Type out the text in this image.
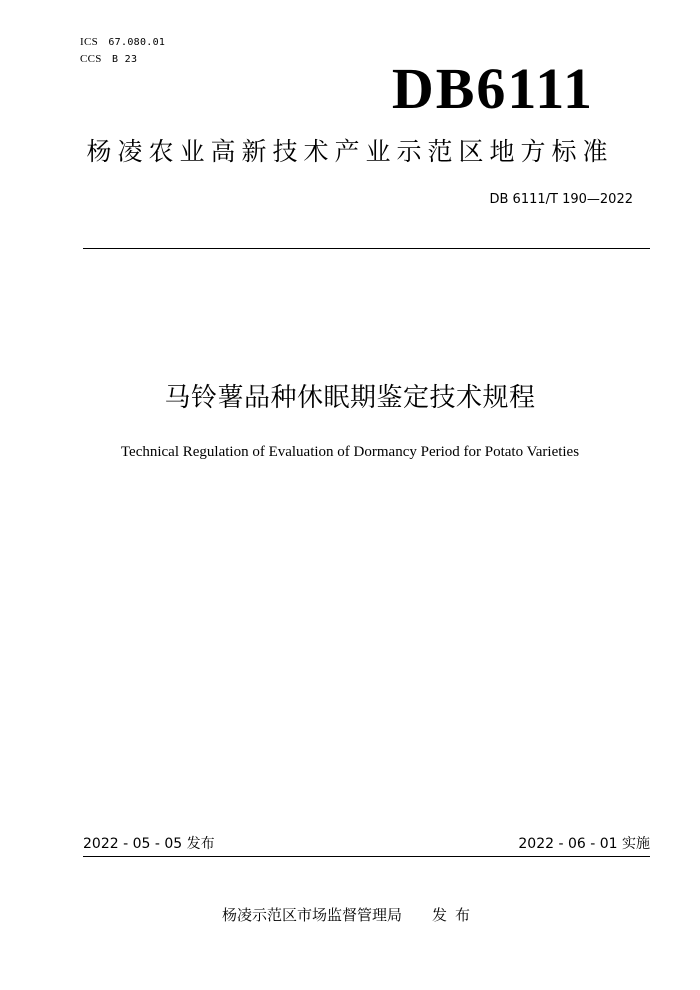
ICS 67.080.01
CCS B 23	DB6111
杨凌农业高新技术产业示范区地方标准
DB 6111/T 190—2022
马铃薯品种休眠期鉴定技术规程
Technical Regulation of Evaluation of Dormancy Period for Potato Varieties
2022 - 05 - 05 发布	2022 - 06 - 01 实施
杨凌示范区市场监督管理局 发布
